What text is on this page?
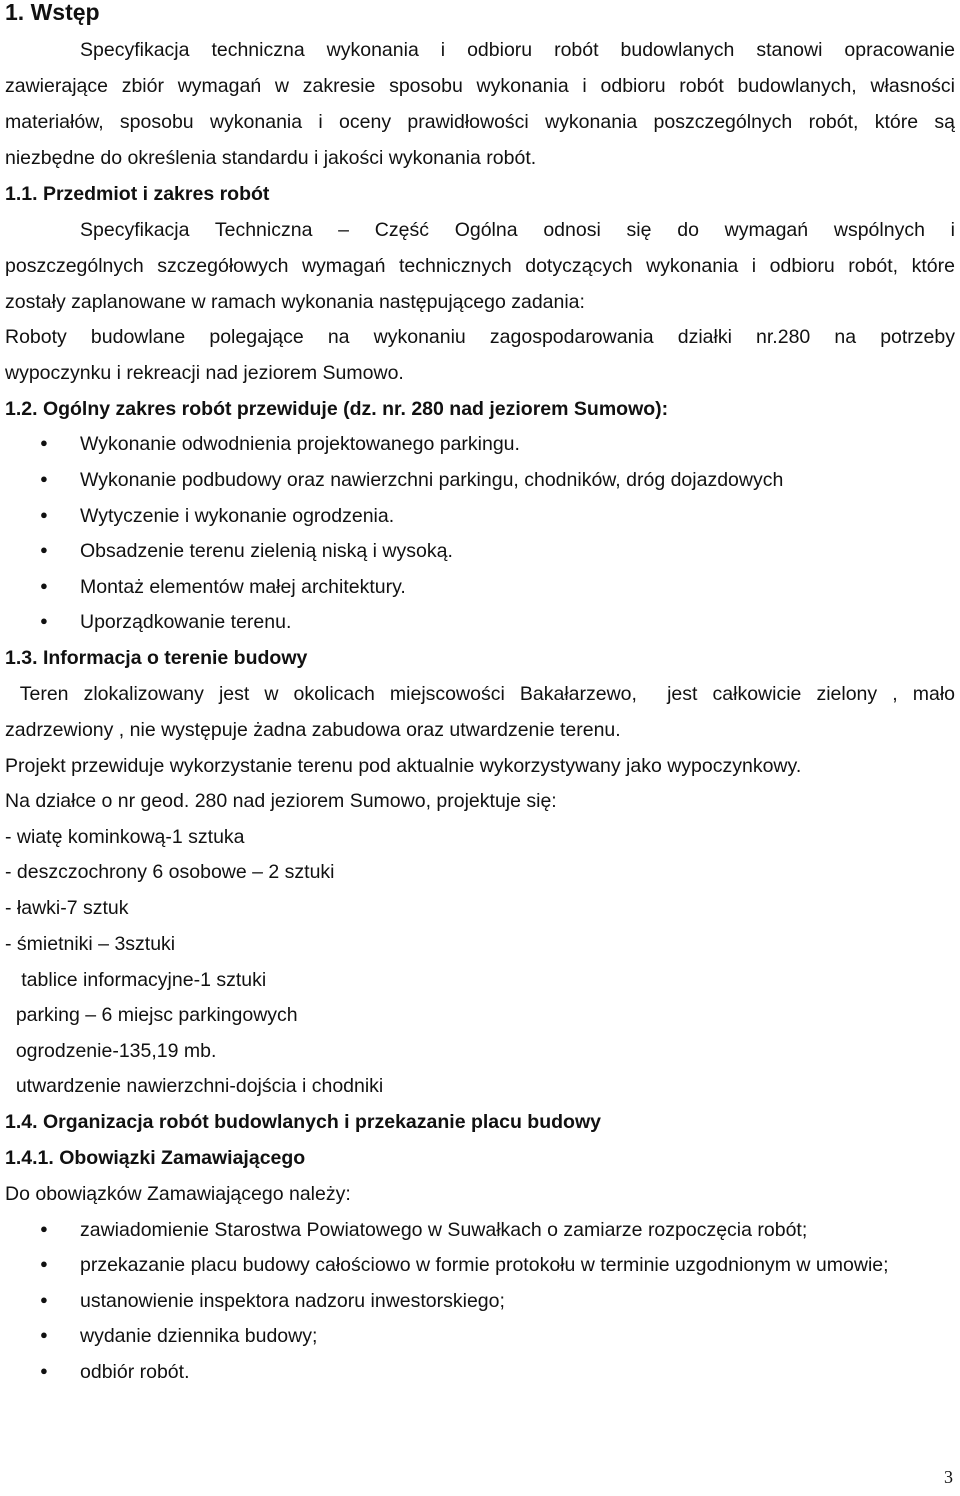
1. Wstęp
Specyfikacja techniczna wykonania i odbioru robót budowlanych stanowi opracowanie
zawierające zbiór wymagań w zakresie sposobu wykonania i odbioru robót budowlanych, własności
materiałów, sposobu wykonania i oceny prawidłowości wykonania poszczególnych robót, które są
niezbędne do określenia standardu i jakości wykonania robót.
1.1. Przedmiot i zakres robót
Specyfikacja Techniczna – Część Ogólna odnosi się do wymagań wspólnych i
poszczególnych szczegółowych wymagań technicznych dotyczących wykonania i odbioru robót, które
zostały zaplanowane w ramach wykonania następującego zadania:
Roboty budowlane polegające na wykonaniu zagospodarowania działki nr.280 na potrzeby
wypoczynku i rekreacji nad jeziorem Sumowo.
1.2. Ogólny zakres robót przewiduje (dz. nr. 280 nad jeziorem Sumowo):
● Wykonanie odwodnienia projektowanego parkingu.
● Wykonanie podbudowy oraz nawierzchni parkingu, chodników, dróg dojazdowych
● Wytyczenie i wykonanie ogrodzenia.
● Obsadzenie terenu zielenią niską i wysoką.
● Montaż elementów małej architektury.
● Uporządkowanie terenu.
1.3. Informacja o terenie budowy
Teren zlokalizowany jest w okolicach miejscowości Bakałarzewo,  jest całkowicie zielony , mało
zadrzewiony , nie występuje żadna zabudowa oraz utwardzenie terenu.
Projekt przewiduje wykorzystanie terenu pod aktualnie wykorzystywany jako wypoczynkowy.
Na działce o nr geod. 280 nad jeziorem Sumowo, projektuje się:
- wiatę kominkową-1 sztuka
- deszczochrony 6 osobowe – 2 sztuki
- ławki-7 sztuk
- śmietniki – 3sztuki
tablice informacyjne-1 sztuki
parking – 6 miejsc parkingowych
ogrodzenie-135,19 mb.
utwardzenie nawierzchni-dojścia i chodniki
1.4. Organizacja robót budowlanych i przekazanie placu budowy
1.4.1. Obowiązki Zamawiającego
Do obowiązków Zamawiającego należy:
● zawiadomienie Starostwa Powiatowego w Suwałkach o zamiarze rozpoczęcia robót;
● przekazanie placu budowy całościowo w formie protokołu w terminie uzgodnionym w umowie;
● ustanowienie inspektora nadzoru inwestorskiego;
● wydanie dziennika budowy;
● odbiór robót.
3
